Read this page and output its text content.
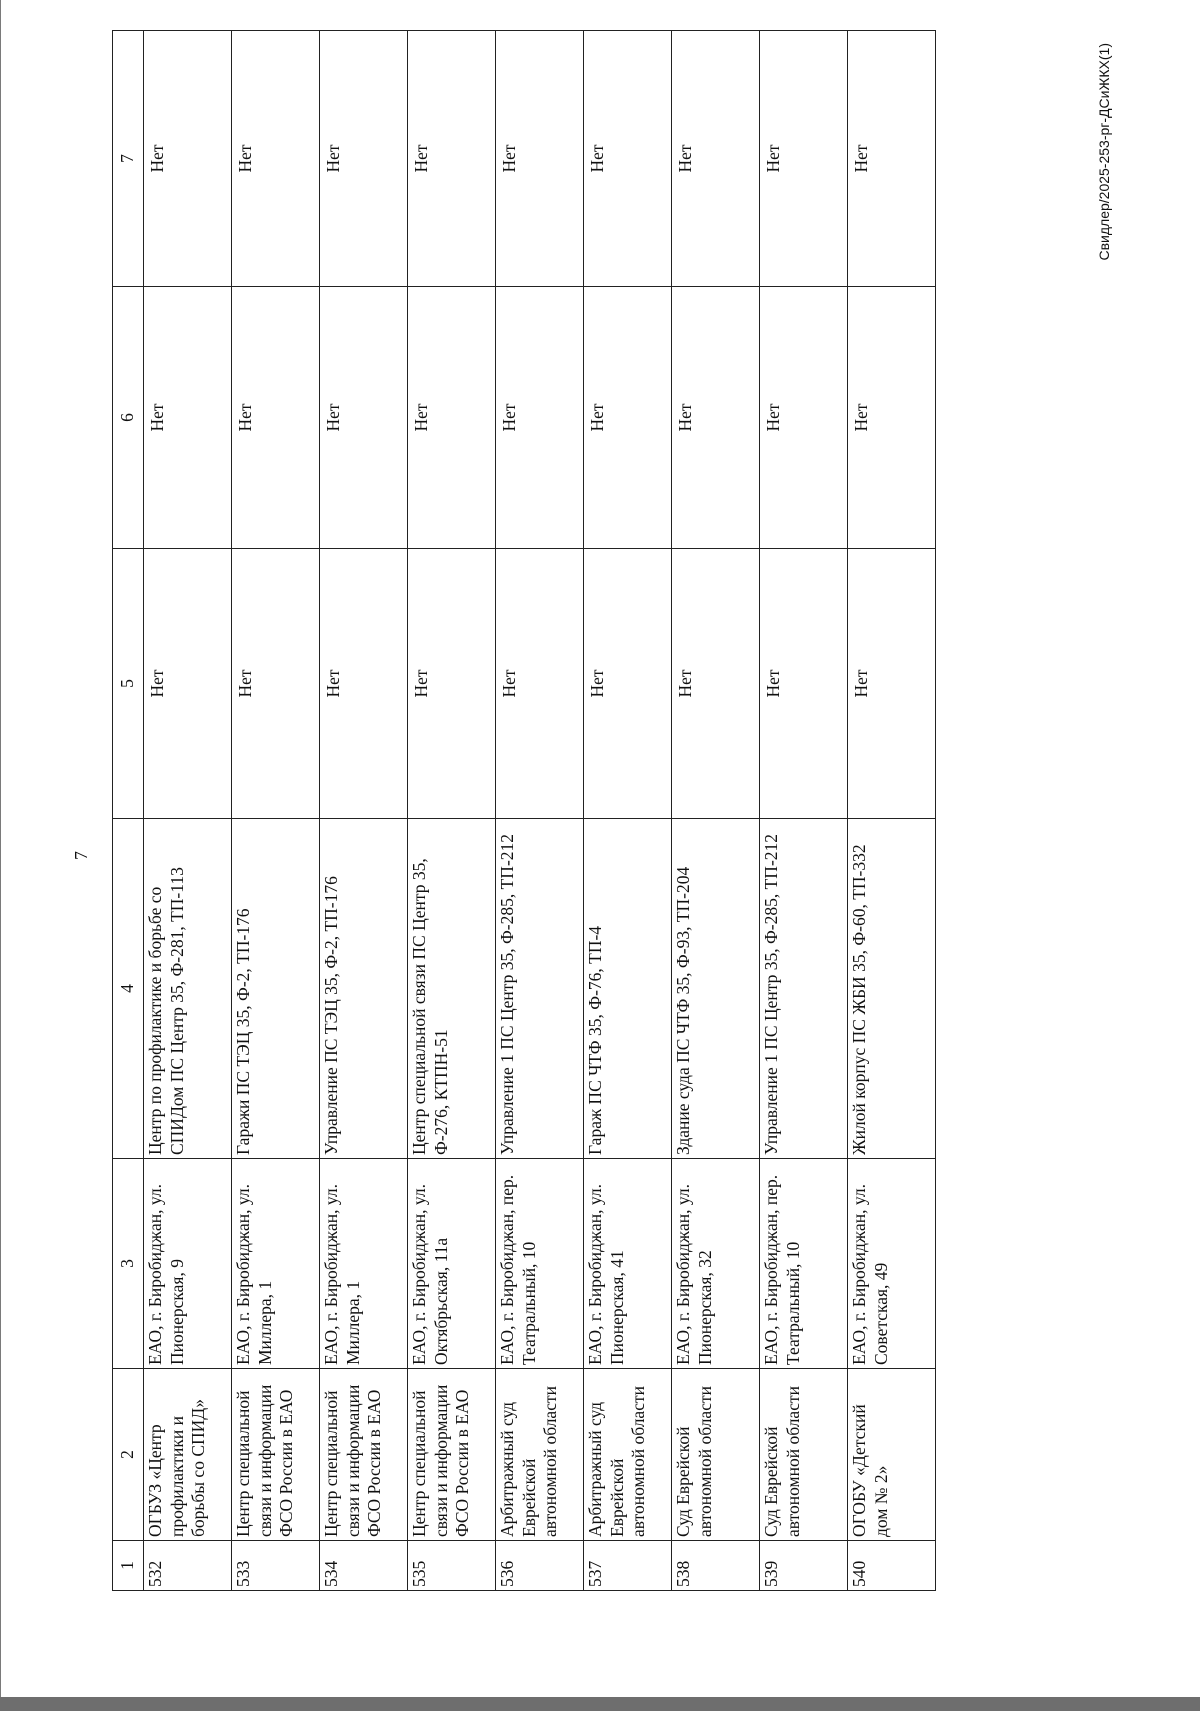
7
1	2	3	4	5	6	7
532	ОГБУЗ «Центр профилактики и борьбы со СПИД»	ЕАО, г. Биробиджан, ул. Пионерская, 9	Центр по профилактике и борьбе со СПИДом ПС Центр 35, Ф-281, ТП-113	Нет	Нет	Нет
533	Центр специальной связи и информации ФСО России в ЕАО	ЕАО, г. Биробиджан, ул. Миллера, 1	Гаражи ПС ТЭЦ 35, Ф-2, ТП-176	Нет	Нет	Нет
534	Центр специальной связи и информации ФСО России в ЕАО	ЕАО, г. Биробиджан, ул. Миллера, 1	Управление ПС ТЭЦ 35, Ф-2, ТП-176	Нет	Нет	Нет
535	Центр специальной связи и информации ФСО России в ЕАО	ЕАО, г. Биробиджан, ул. Октябрьская, 11а	Центр специальной связи ПС Центр 35, Ф-276, КТПН-51	Нет	Нет	Нет
536	Арбитражный суд Еврейской автономной области	ЕАО, г. Биробиджан, пер. Театральный, 10	Управление 1 ПС Центр 35, Ф-285, ТП-212	Нет	Нет	Нет
537	Арбитражный суд Еврейской автономной области	ЕАО, г. Биробиджан, ул. Пионерская, 41	Гараж ПС ЧТФ 35, Ф-76, ТП-4	Нет	Нет	Нет
538	Суд Еврейской автономной области	ЕАО, г. Биробиджан, ул. Пионерская, 32	Здание суда ПС ЧТФ 35, Ф-93, ТП-204	Нет	Нет	Нет
539	Суд Еврейской автономной области	ЕАО, г. Биробиджан, пер. Театральный, 10	Управление 1 ПС Центр 35, Ф-285, ТП-212	Нет	Нет	Нет
540	ОГОБУ «Детский дом № 2»	ЕАО, г. Биробиджан, ул. Советская, 49	Жилой корпус ПС ЖБИ 35, Ф-60, ТП-332	Нет	Нет	Нет	Свидлер/2025-253-рг-ДСиЖКХ(1)
